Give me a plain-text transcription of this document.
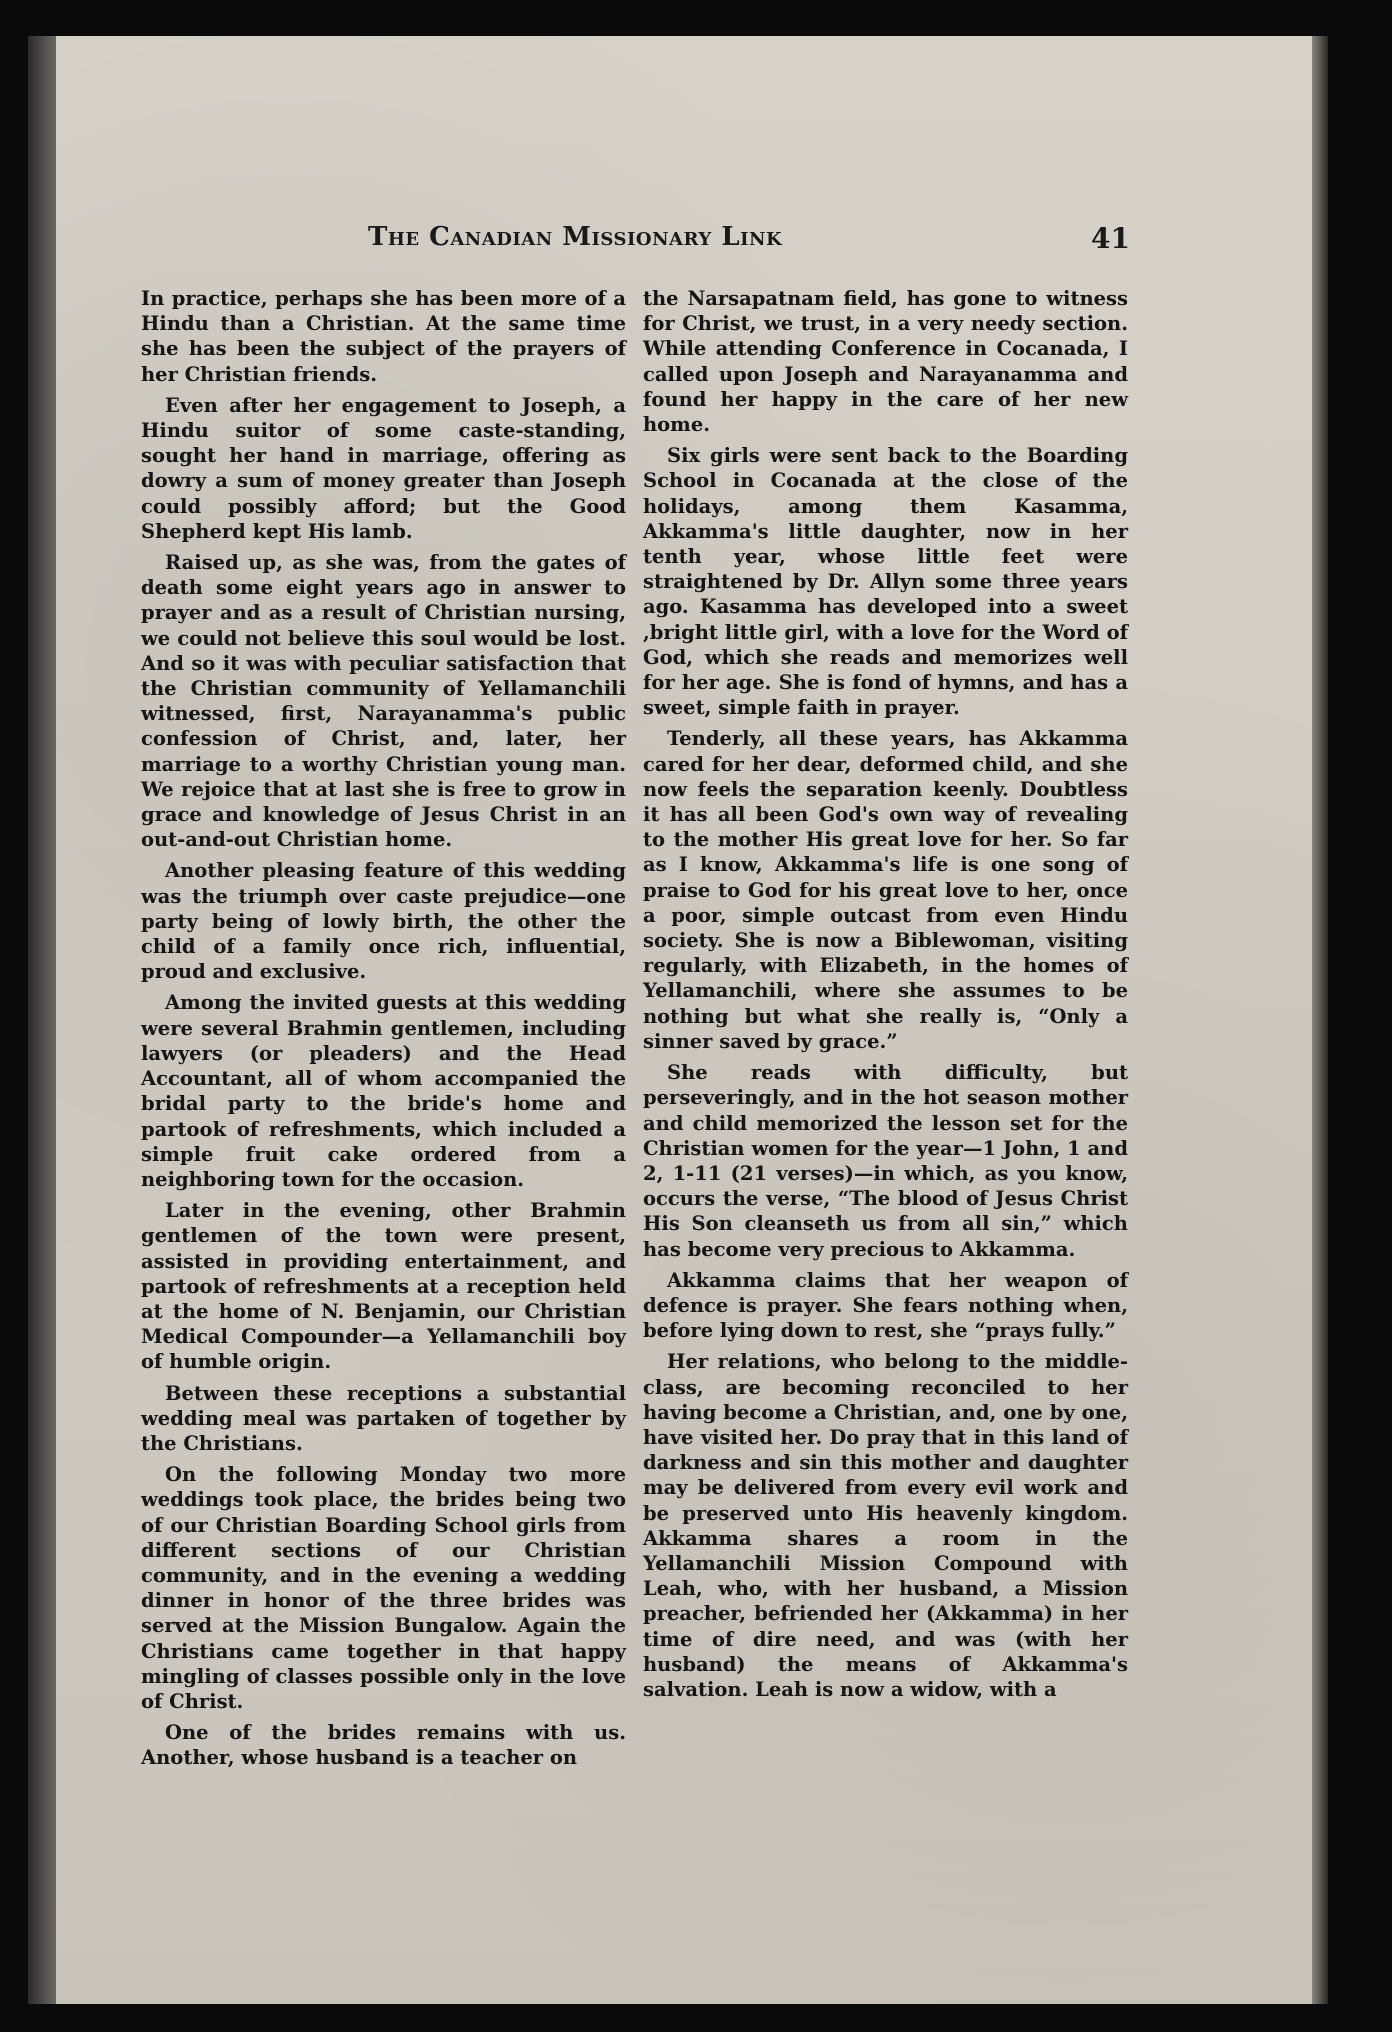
The Canadian Missionary Link	41

In practice, perhaps she has been more of a Hindu than a Christian. At the same time she has been the subject of the prayers of her Christian friends.

Even after her engagement to Joseph, a Hindu suitor of some caste-standing, sought her hand in marriage, offering as dowry a sum of money greater than Joseph could possibly afford; but the Good Shepherd kept His lamb.

Raised up, as she was, from the gates of death some eight years ago in answer to prayer and as a result of Christian nursing, we could not believe this soul would be lost. And so it was with peculiar satisfaction that the Christian community of Yellamanchili witnessed, first, Narayanamma's public confession of Christ, and, later, her marriage to a worthy Christian young man. We rejoice that at last she is free to grow in grace and knowledge of Jesus Christ in an out-and-out Christian home.

Another pleasing feature of this wedding was the triumph over caste prejudice—one party being of lowly birth, the other the child of a family once rich, influential, proud and exclusive.

Among the invited guests at this wedding were several Brahmin gentlemen, including lawyers (or pleaders) and the Head Accountant, all of whom accompanied the bridal party to the bride's home and partook of refreshments, which included a simple fruit cake ordered from a neighboring town for the occasion.

Later in the evening, other Brahmin gentlemen of the town were present, assisted in providing entertainment, and partook of refreshments at a reception held at the home of N. Benjamin, our Christian Medical Compounder—a Yellamanchili boy of humble origin.

Between these receptions a substantial wedding meal was partaken of together by the Christians.

On the following Monday two more weddings took place, the brides being two of our Christian Boarding School girls from different sections of our Christian community, and in the evening a wedding dinner in honor of the three brides was served at the Mission Bungalow. Again the Christians came together in that happy mingling of classes possible only in the love of Christ.

One of the brides remains with us. Another, whose husband is a teacher on

the Narsapatnam field, has gone to witness for Christ, we trust, in a very needy section. While attending Conference in Cocanada, I called upon Joseph and Narayanamma and found her happy in the care of her new home.

Six girls were sent back to the Boarding School in Cocanada at the close of the holidays, among them Kasamma, Akkamma's little daughter, now in her tenth year, whose little feet were straightened by Dr. Allyn some three years ago. Kasamma has developed into a sweet ,bright little girl, with a love for the Word of God, which she reads and memorizes well for her age. She is fond of hymns, and has a sweet, simple faith in prayer.

Tenderly, all these years, has Akkamma cared for her dear, deformed child, and she now feels the separation keenly. Doubtless it has all been God's own way of revealing to the mother His great love for her. So far as I know, Akkamma's life is one song of praise to God for his great love to her, once a poor, simple outcast from even Hindu society. She is now a Biblewoman, visiting regularly, with Elizabeth, in the homes of Yellamanchili, where she assumes to be nothing but what she really is, “Only a sinner saved by grace.”

She reads with difficulty, but perseveringly, and in the hot season mother and child memorized the lesson set for the Christian women for the year—1 John, 1 and 2, 1-11 (21 verses)—in which, as you know, occurs the verse, “The blood of Jesus Christ His Son cleanseth us from all sin,” which has become very precious to Akkamma.

Akkamma claims that her weapon of defence is prayer. She fears nothing when, before lying down to rest, she “prays fully.”

Her relations, who belong to the middle-class, are becoming reconciled to her having become a Christian, and, one by one, have visited her. Do pray that in this land of darkness and sin this mother and daughter may be delivered from every evil work and be preserved unto His heavenly kingdom. Akkamma shares a room in the Yellamanchili Mission Compound with Leah, who, with her husband, a Mission preacher, befriended her (Akkamma) in her time of dire need, and was (with her husband) the means of Akkamma's salvation. Leah is now a widow, with a
